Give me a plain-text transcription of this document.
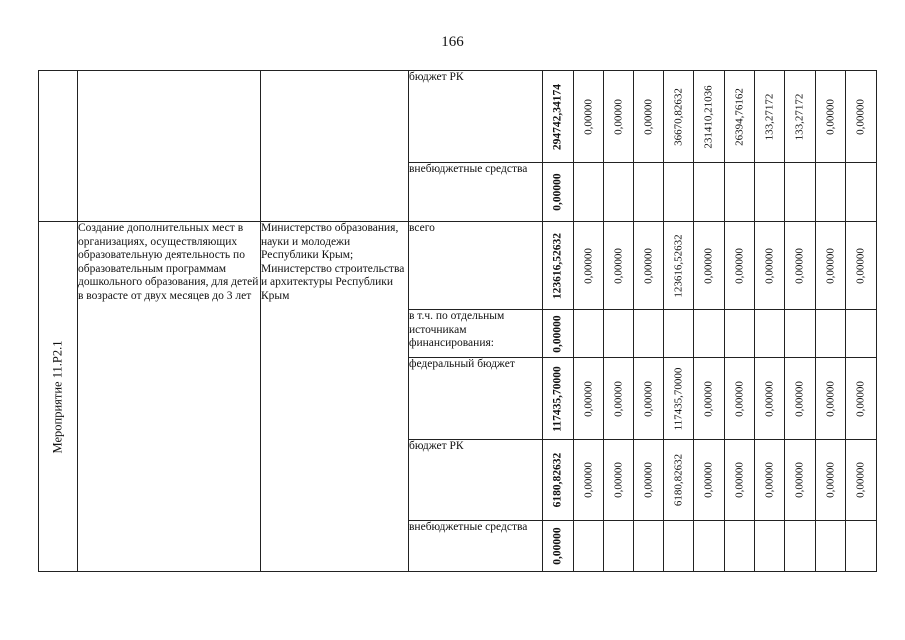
166
			бюджет РК	294742,34174	0,00000	0,00000	0,00000	36670,82632	231410,21036	26394,76162	133,27172	133,27172	0,00000	0,00000

			внебюджетные средства	0,00000										

Мероприятие 11.Р2.1	Создание дополнительных мест в организациях, осуществляющих образовательную деятельность по образовательным программам дошкольного образования, для детей в возрасте от двух месяцев до 3 лет	Министерство образования, науки и молодежи Республики Крым; Министерство строительства и архитектуры Республики Крым	всего	123616,52632	0,00000	0,00000	0,00000	123616,52632	0,00000	0,00000	0,00000	0,00000	0,00000	0,00000

			в т.ч. по отдельным источникам финансирования:	0,00000										

			федеральный бюджет	117435,70000	0,00000	0,00000	0,00000	117435,70000	0,00000	0,00000	0,00000	0,00000	0,00000	0,00000

			бюджет РК	6180,82632	0,00000	0,00000	0,00000	6180,82632	0,00000	0,00000	0,00000	0,00000	0,00000	0,00000

			внебюджетные средства	0,00000										
